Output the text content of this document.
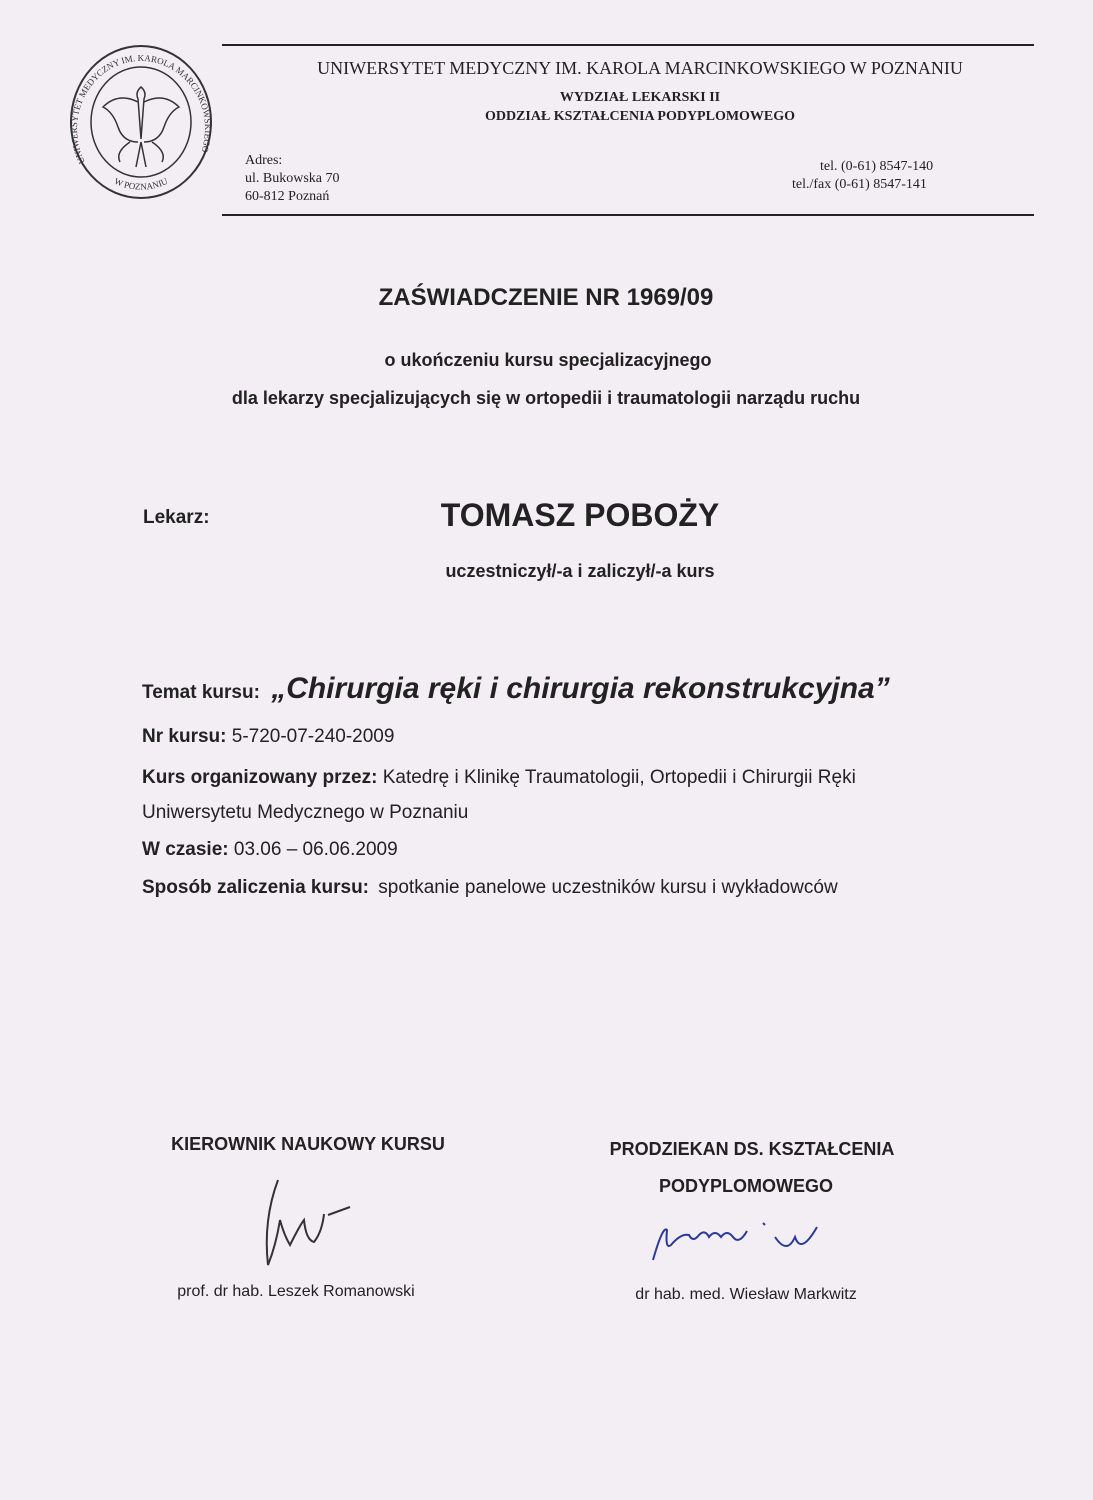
UNIWERSYTET MEDYCZNY IM. KAROLA MARCINKOWSKIEGO W POZNANIU
UNIWERSYTET MEDYCZNY IM. KAROLA MARCINKOWSKIEGO W POZNANIU
WYDZIAŁ LEKARSKI II
ODDZIAŁ KSZTAŁCENIA PODYPLOMOWEGO
Adres:
ul. Bukowska 70
60-812 Poznań
tel. (0-61) 8547-140
tel./fax (0-61) 8547-141
ZAŚWIADCZENIE NR 1969/09
o ukończeniu kursu specjalizacyjnego
dla lekarzy specjalizujących się w ortopedii i traumatologii narządu ruchu
Lekarz:	TOMASZ POBOŻY
uczestniczył/-a i zaliczył/-a kurs
Temat kursu: „Chirurgia ręki i chirurgia rekonstrukcyjna”
Nr kursu: 5-720-07-240-2009
Kurs organizowany przez: Katedrę i Klinikę Traumatologii, Ortopedii i Chirurgii Ręki
Uniwersytetu Medycznego w Poznaniu
W czasie: 03.06 – 06.06.2009
Sposób zaliczenia kursu: spotkanie panelowe uczestników kursu i wykładowców
KIEROWNIK NAUKOWY KURSU
prof. dr hab. Leszek Romanowski
PRODZIEKAN DS. KSZTAŁCENIA
PODYPLOMOWEGO
dr hab. med. Wiesław Markwitz
